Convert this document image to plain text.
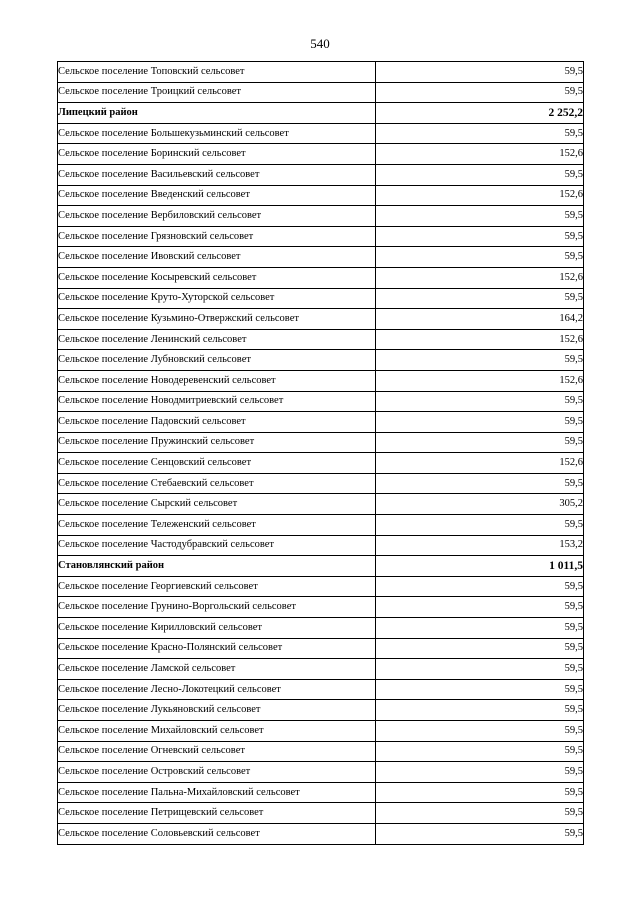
540
Сельское поселение Топовский сельсовет	59,5
Сельское поселение Троицкий сельсовет	59,5
Липецкий район	2 252,2
Сельское поселение Большекузьминский сельсовет	59,5
Сельское поселение Боринский сельсовет	152,6
Сельское поселение Васильевский сельсовет	59,5
Сельское поселение Введенский сельсовет	152,6
Сельское поселение Вербиловский сельсовет	59,5
Сельское поселение Грязновский сельсовет	59,5
Сельское поселение Ивовский сельсовет	59,5
Сельское поселение Косыревский сельсовет	152,6
Сельское поселение Круто-Хуторской сельсовет	59,5
Сельское поселение Кузьмино-Отвержский сельсовет	164,2
Сельское поселение Ленинский сельсовет	152,6
Сельское поселение Лубновский сельсовет	59,5
Сельское поселение Новодеревенский сельсовет	152,6
Сельское поселение Новодмитриевский сельсовет	59,5
Сельское поселение Падовский сельсовет	59,5
Сельское поселение Пружинский сельсовет	59,5
Сельское поселение Сенцовский сельсовет	152,6
Сельское поселение Стебаевский сельсовет	59,5
Сельское поселение Сырский сельсовет	305,2
Сельское поселение Тележенский сельсовет	59,5
Сельское поселение Частодубравский сельсовет	153,2
Становлянский район	1 011,5
Сельское поселение Георгиевский сельсовет	59,5
Сельское поселение Грунино-Воргольский сельсовет	59,5
Сельское поселение Кирилловский сельсовет	59,5
Сельское поселение Красно-Полянский сельсовет	59,5
Сельское поселение Ламской сельсовет	59,5
Сельское поселение Лесно-Локотецкий сельсовет	59,5
Сельское поселение Лукьяновский сельсовет	59,5
Сельское поселение Михайловский сельсовет	59,5
Сельское поселение Огневский сельсовет	59,5
Сельское поселение Островский сельсовет	59,5
Сельское поселение Пальна-Михайловский сельсовет	59,5
Сельское поселение Петрищевский сельсовет	59,5
Сельское поселение Соловьевский сельсовет	59,5
